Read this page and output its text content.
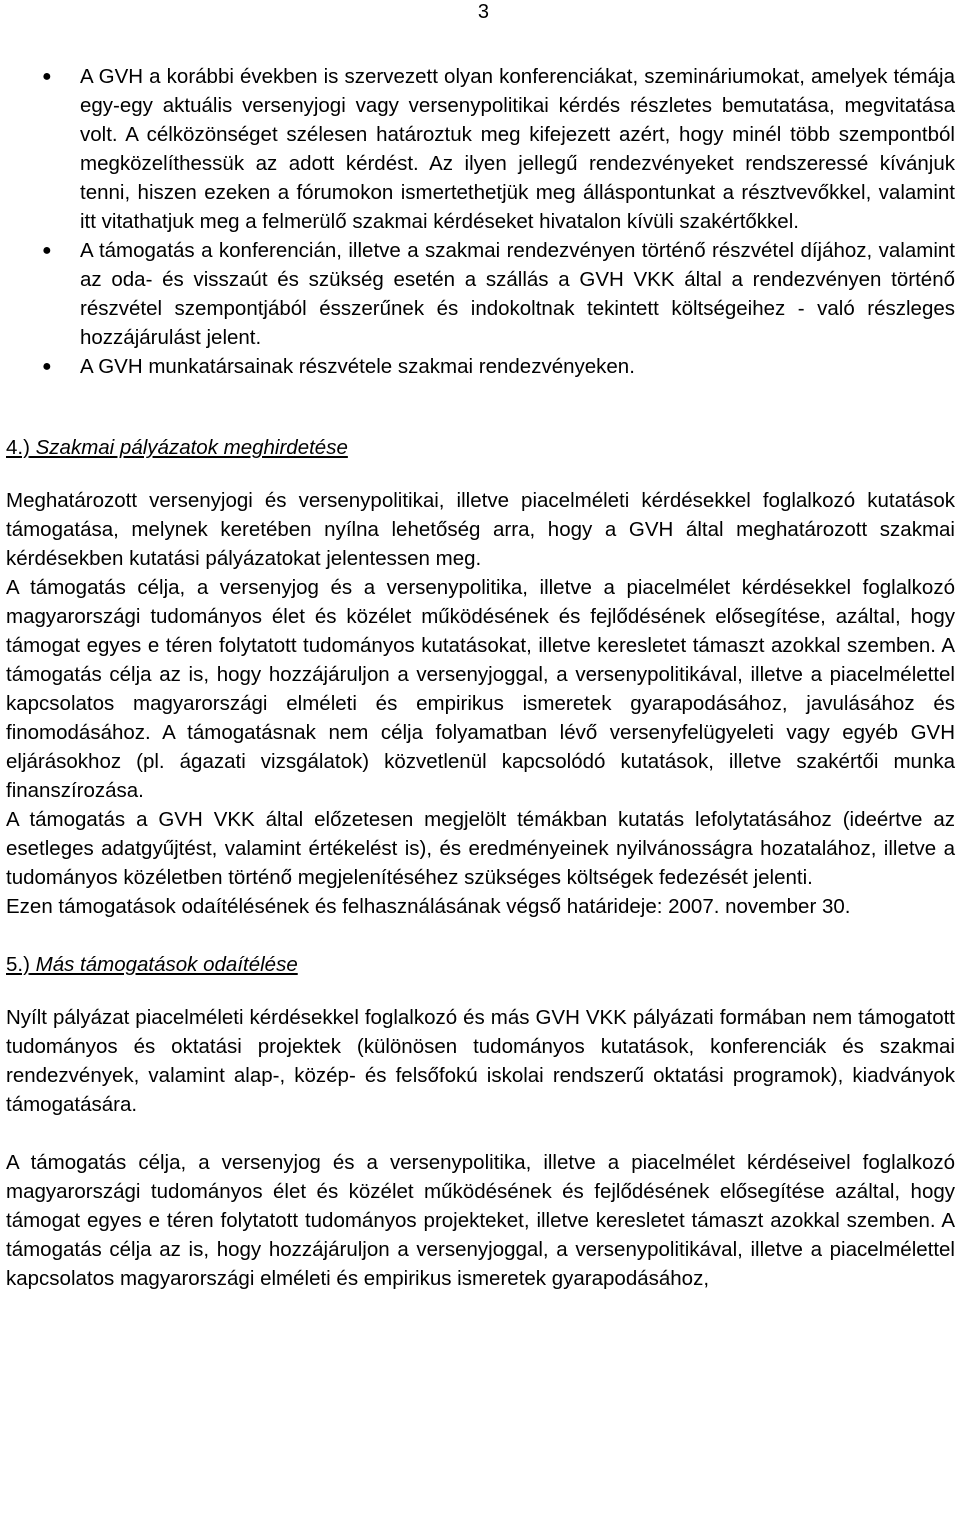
3
● A GVH a korábbi években is szervezett olyan konferenciákat, szemináriumokat, amelyek témája egy-egy aktuális versenyjogi vagy versenypolitikai kérdés részletes bemutatása, megvitatása volt. A célközönséget szélesen határoztuk meg kifejezett azért, hogy minél több szempontból megközelíthessük az adott kérdést. Az ilyen jellegű rendezvényeket rendszeressé kívánjuk tenni, hiszen ezeken a fórumokon ismertethetjük meg álláspontunkat a résztvevőkkel, valamint itt vitathatjuk meg a felmerülő szakmai kérdéseket hivatalon kívüli szakértőkkel.
● A támogatás a konferencián, illetve a szakmai rendezvényen történő részvétel díjához, valamint az oda- és visszaút és szükség esetén a szállás a GVH VKK által a rendezvényen történő részvétel szempontjából ésszerűnek és indokoltnak tekintett költségeihez - való részleges hozzájárulást jelent.
● A GVH munkatársainak részvétele szakmai rendezvényeken.
4.) Szakmai pályázatok meghirdetése

Meghatározott versenyjogi és versenypolitikai, illetve piacelméleti kérdésekkel foglalkozó kutatások támogatása, melynek keretében nyílna lehetőség arra, hogy a GVH által meghatározott szakmai kérdésekben kutatási pályázatokat jelentessen meg.

A támogatás célja, a versenyjog és a versenypolitika, illetve a piacelmélet kérdésekkel foglalkozó magyarországi tudományos élet és közélet működésének és fejlődésének elősegítése, azáltal, hogy támogat egyes e téren folytatott tudományos kutatásokat, illetve keresletet támaszt azokkal szemben. A támogatás célja az is, hogy hozzájáruljon a versenyjoggal, a versenypolitikával, illetve a piacelmélettel kapcsolatos magyarországi elméleti és empirikus ismeretek gyarapodásához, javulásához és finomodásához. A támogatásnak nem célja folyamatban lévő versenyfelügyeleti vagy egyéb GVH eljárásokhoz (pl. ágazati vizsgálatok) közvetlenül kapcsolódó kutatások, illetve szakértői munka finanszírozása.

A támogatás a GVH VKK által előzetesen megjelölt témákban kutatás lefolytatásához (ideértve az esetleges adatgyűjtést, valamint értékelést is), és eredményeinek nyilvánosságra hozatalához, illetve a tudományos közéletben történő megjelenítéséhez szükséges költségek fedezését jelenti.

Ezen támogatások odaítélésének és felhasználásának végső határideje: 2007. november 30.

5.) Más támogatások odaítélése

Nyílt pályázat piacelméleti kérdésekkel foglalkozó és más GVH VKK pályázati formában nem támogatott tudományos és oktatási projektek (különösen tudományos kutatások, konferenciák és szakmai rendezvények, valamint alap-, közép- és felsőfokú iskolai rendszerű oktatási programok), kiadványok támogatására.

A támogatás célja, a versenyjog és a versenypolitika, illetve a piacelmélet kérdéseivel foglalkozó magyarországi tudományos élet és közélet működésének és fejlődésének elősegítése azáltal, hogy támogat egyes e téren folytatott tudományos projekteket, illetve keresletet támaszt azokkal szemben. A támogatás célja az is, hogy hozzájáruljon a versenyjoggal, a versenypolitikával, illetve a piacelmélettel kapcsolatos magyarországi elméleti és empirikus ismeretek gyarapodásához,
